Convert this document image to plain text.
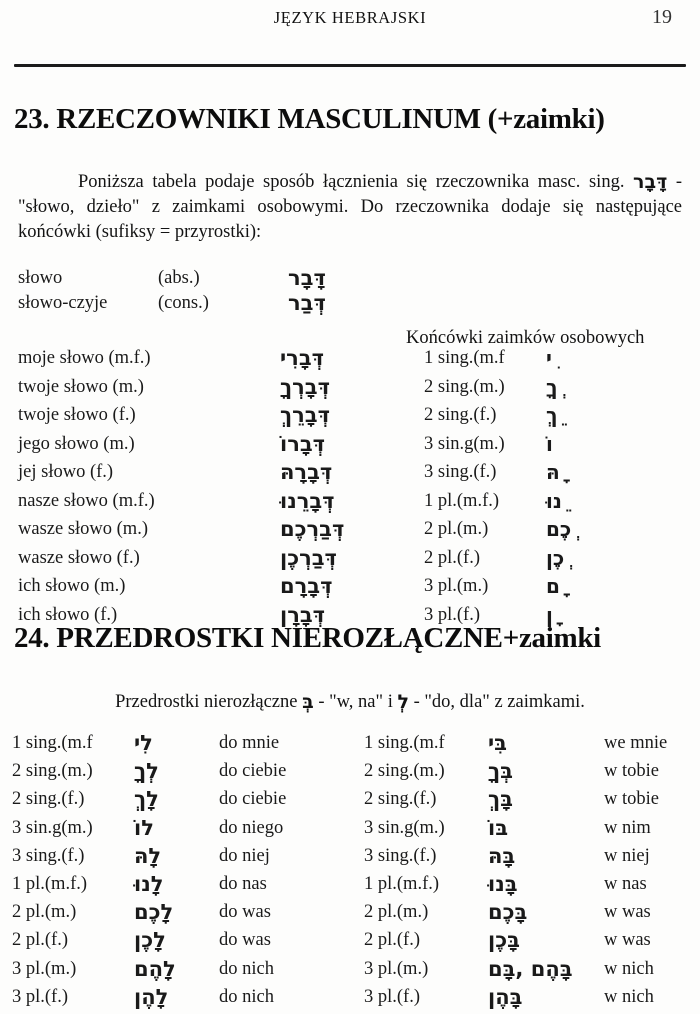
JĘZYK HEBRAJSKI	19
23. RZECZOWNIKI MASCULINUM (+zaimki)
Poniższa tabela podaje sposób łącznienia się rzeczownika masc. sing. דָּבָר - "słowo, dzieło" z zaimkami osobowymi. Do rzeczownika dodaje się następujące końcówki (sufiksy = przyrostki):
słowo	(abs.)	דָּבָר
słowo-czyje	(cons.)	דְּבַר
Końcówki zaimków osobowych
moje słowo (m.f.)	דְּבָרִי	1 sing.(m.f	ִי
twoje słowo (m.)	דְּבָרְךָ	2 sing.(m.)	ְךָ
twoje słowo (f.)	דְּבָרֵךְ	2 sing.(f.)	ֵךְ
jego słowo (m.)	דְּבָרוֹ	3 sin.g(m.)	וֹ
jej słowo (f.)	דְּבָרָהּ	3 sing.(f.)	ָהּ
nasze słowo (m.f.)	דְּבָרֵנוּ	1 pl.(m.f.)	ֵנוּ
wasze słowo (m.)	דְּבַרְכֶם	2 pl.(m.)	ְכֶם
wasze słowo (f.)	דְּבַרְכֶן	2 pl.(f.)	ְכֶן
ich słowo (m.)	דְּבָרָם	3 pl.(m.)	ָם
ich słowo (f.)	דְּבָרָן	3 pl.(f.)	ָן
24. PRZEDROSTKI NIEROZŁĄCZNE+zaimki
Przedrostki nierozłączne בְּ - "w, na" i לְ - "do, dla" z zaimkami.
1 sing.(m.f	לִי	do mnie	1 sing.(m.f	בִּי	we mnie
2 sing.(m.)	לְךָ	do ciebie	2 sing.(m.)	בְּךָ	w tobie
2 sing.(f.)	לָךְ	do ciebie	2 sing.(f.)	בָּךְ	w tobie
3 sin.g(m.)	לוֹ	do niego	3 sin.g(m.)	בּוֹ	w nim
3 sing.(f.)	לָהּ	do niej	3 sing.(f.)	בָּהּ	w niej
1 pl.(m.f.)	לָנוּ	do nas	1 pl.(m.f.)	בָּנוּ	w nas
2 pl.(m.)	לָכֶם	do was	2 pl.(m.)	בָּכֶם	w was
2 pl.(f.)	לָכֶן	do was	2 pl.(f.)	בָּכֶן	w was
3 pl.(m.)	לָהֶם	do nich	3 pl.(m.)	בָּהֶם ,בָּם	w nich
3 pl.(f.)	לָהֶן	do nich	3 pl.(f.)	בָּהֶן	w nich
